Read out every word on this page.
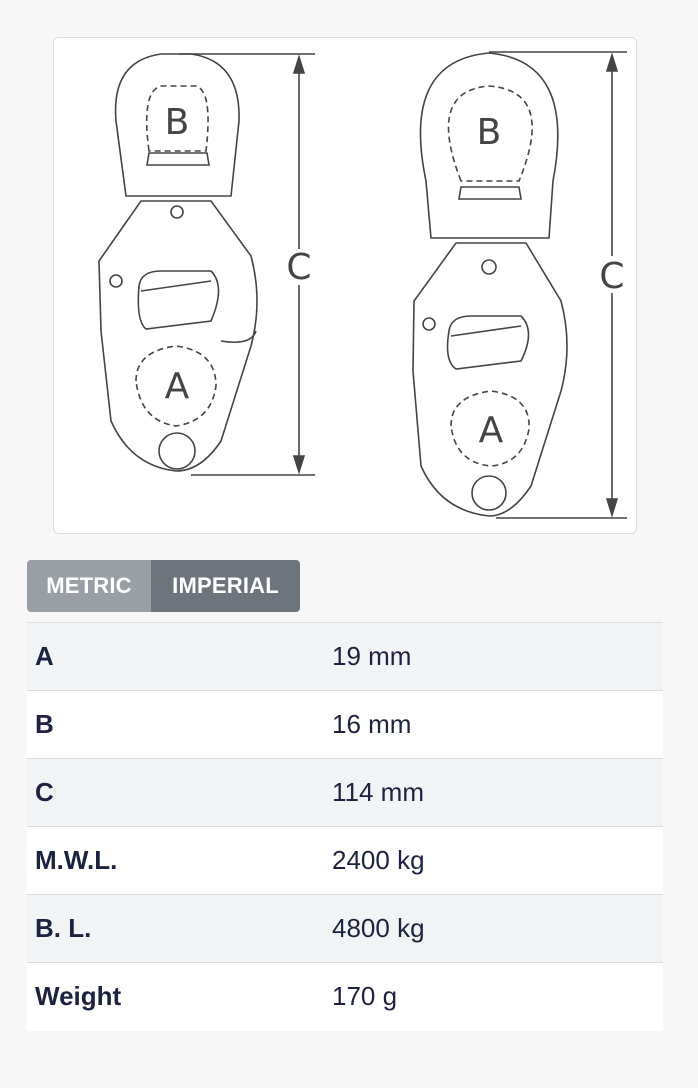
B
A
C
B
A
C
METRIC	IMPERIAL
A	19 mm
B	16 mm
C	114 mm
M.W.L.	2400 kg
B. L.	4800 kg
Weight	170 g
